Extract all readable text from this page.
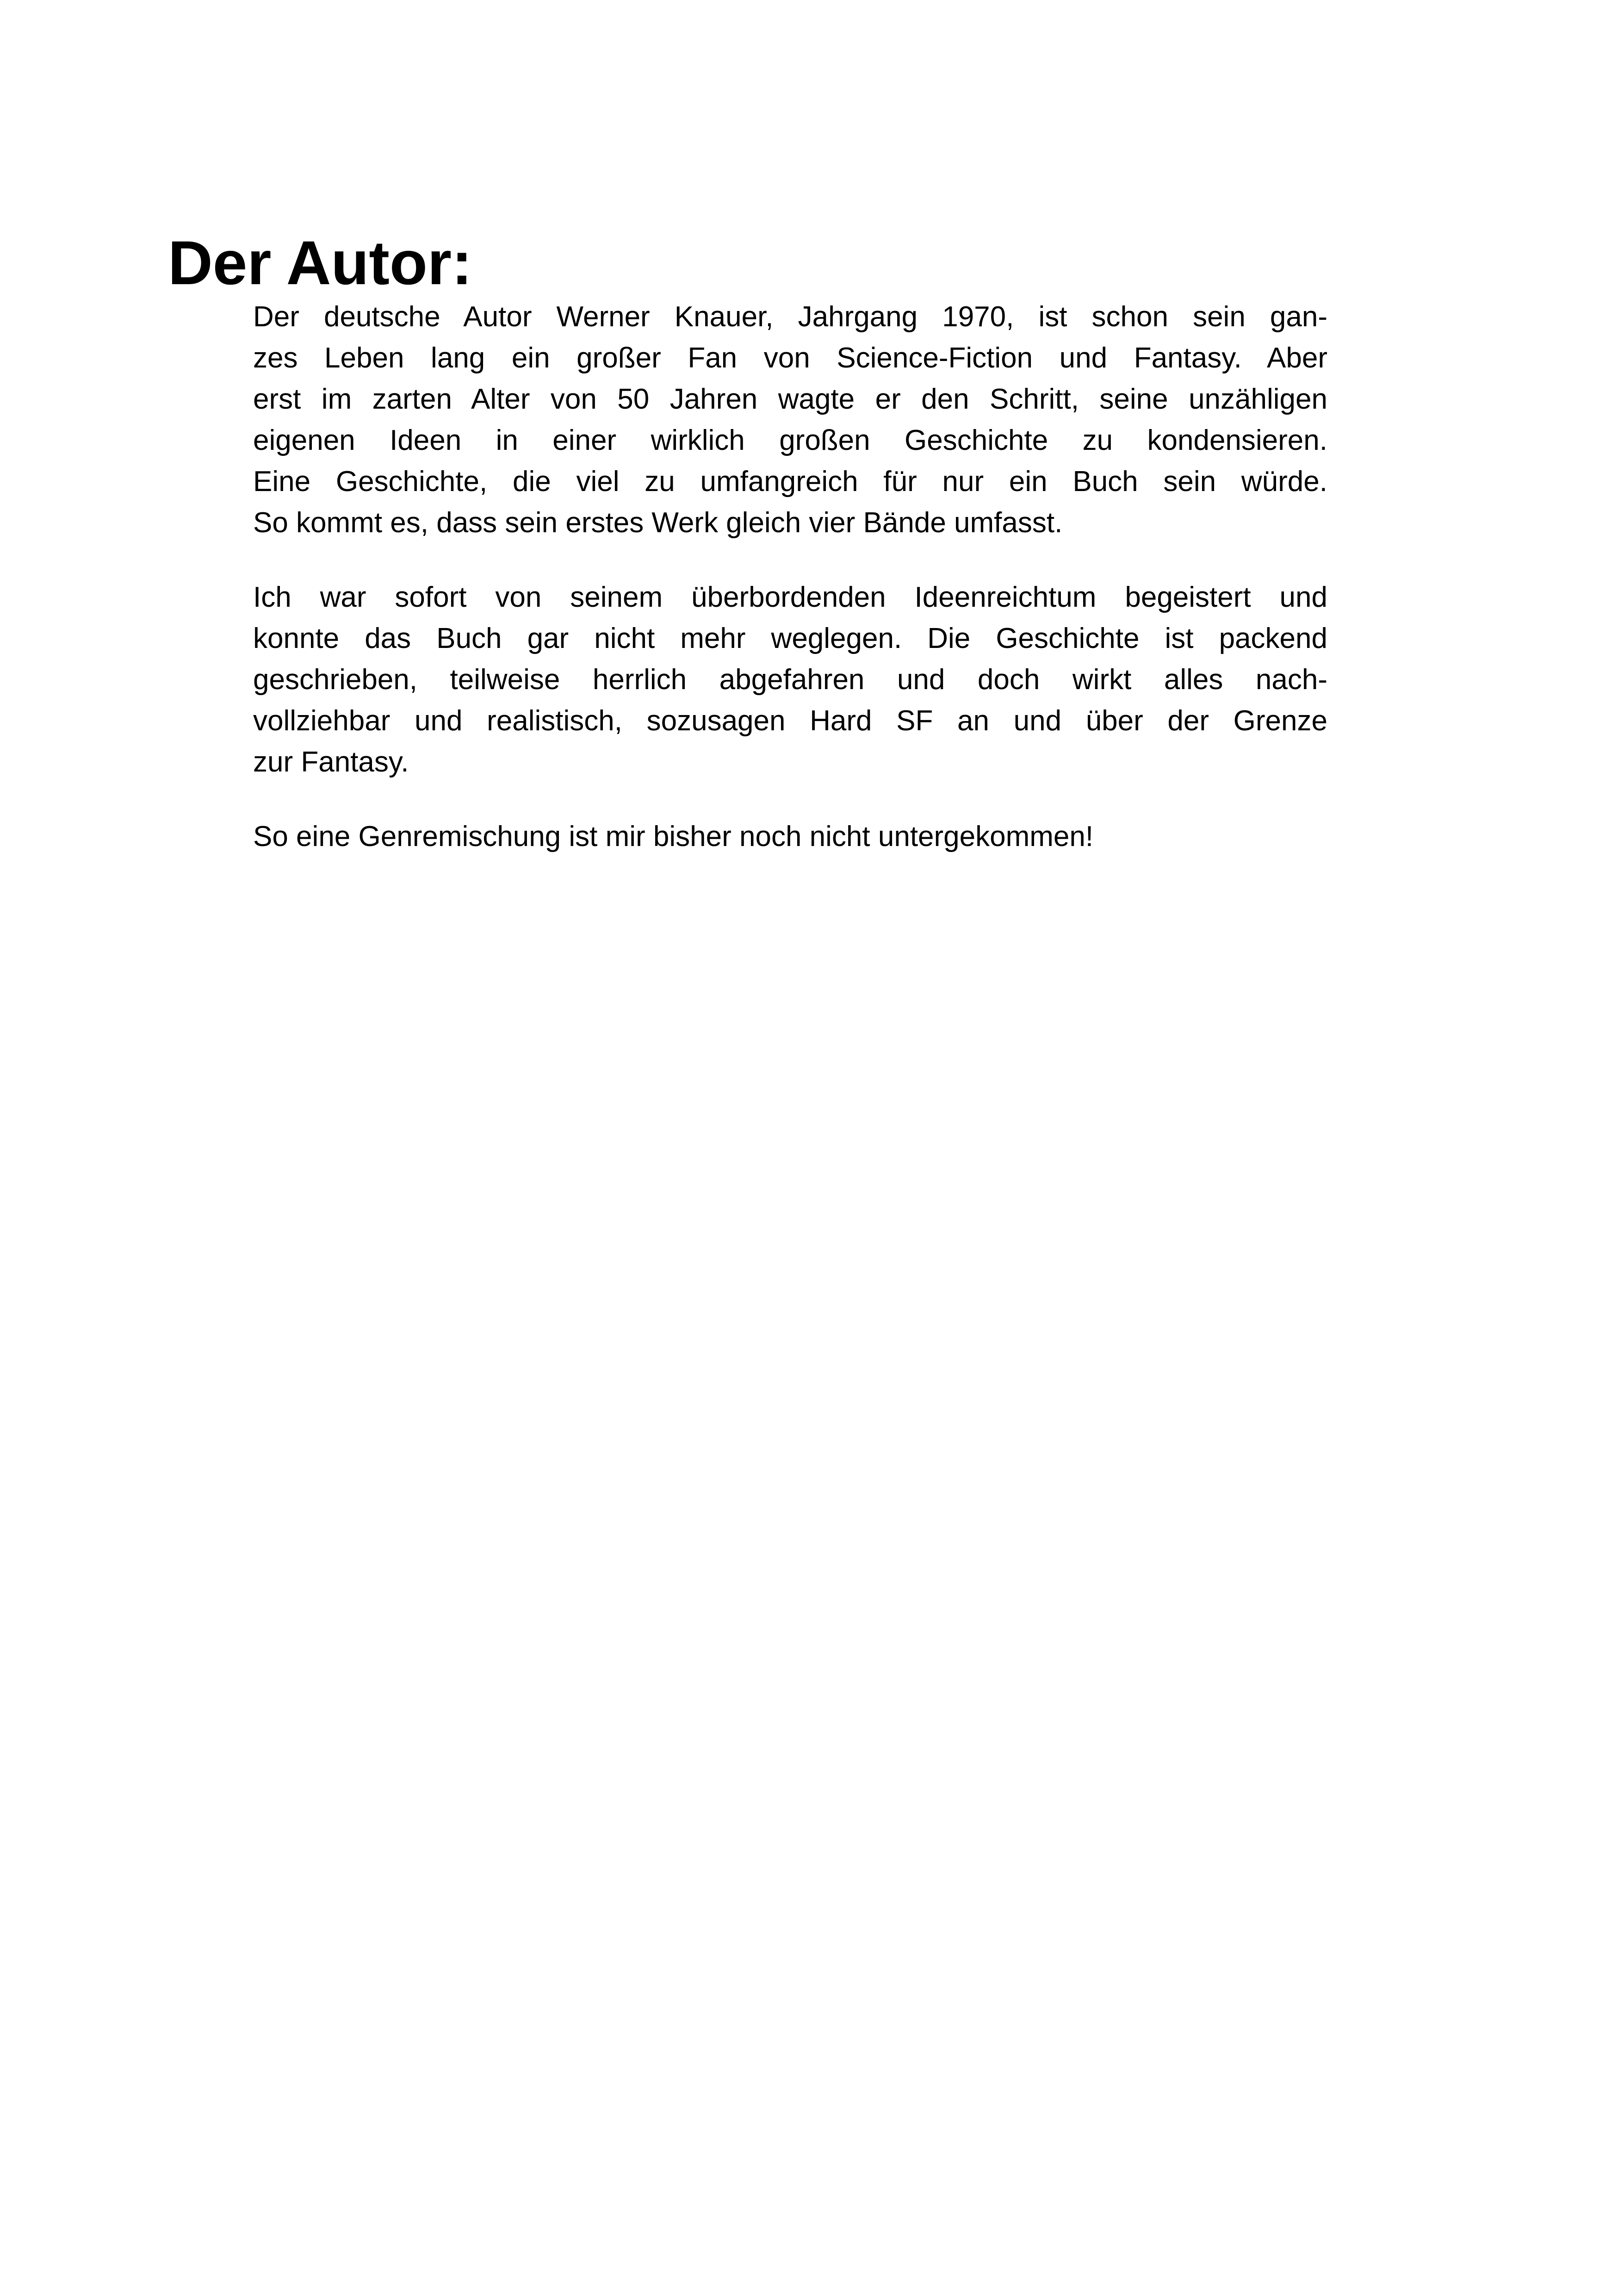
Der Autor:
Der deutsche Autor Werner Knauer, Jahrgang 1970, ist schon sein gan-
zes Leben lang ein großer Fan von Science-Fiction und Fantasy. Aber
erst im zarten Alter von 50 Jahren wagte er den Schritt, seine unzähligen
eigenen Ideen in einer wirklich großen Geschichte zu kondensieren.
Eine Geschichte, die viel zu umfangreich für nur ein Buch sein würde.
So kommt es, dass sein erstes Werk gleich vier Bände umfasst.
Ich war sofort von seinem überbordenden Ideenreichtum begeistert und
konnte das Buch gar nicht mehr weglegen. Die Geschichte ist packend
geschrieben, teilweise herrlich abgefahren und doch wirkt alles nach-
vollziehbar und realistisch, sozusagen Hard SF an und über der Grenze
zur Fantasy.
So eine Genremischung ist mir bisher noch nicht untergekommen!
